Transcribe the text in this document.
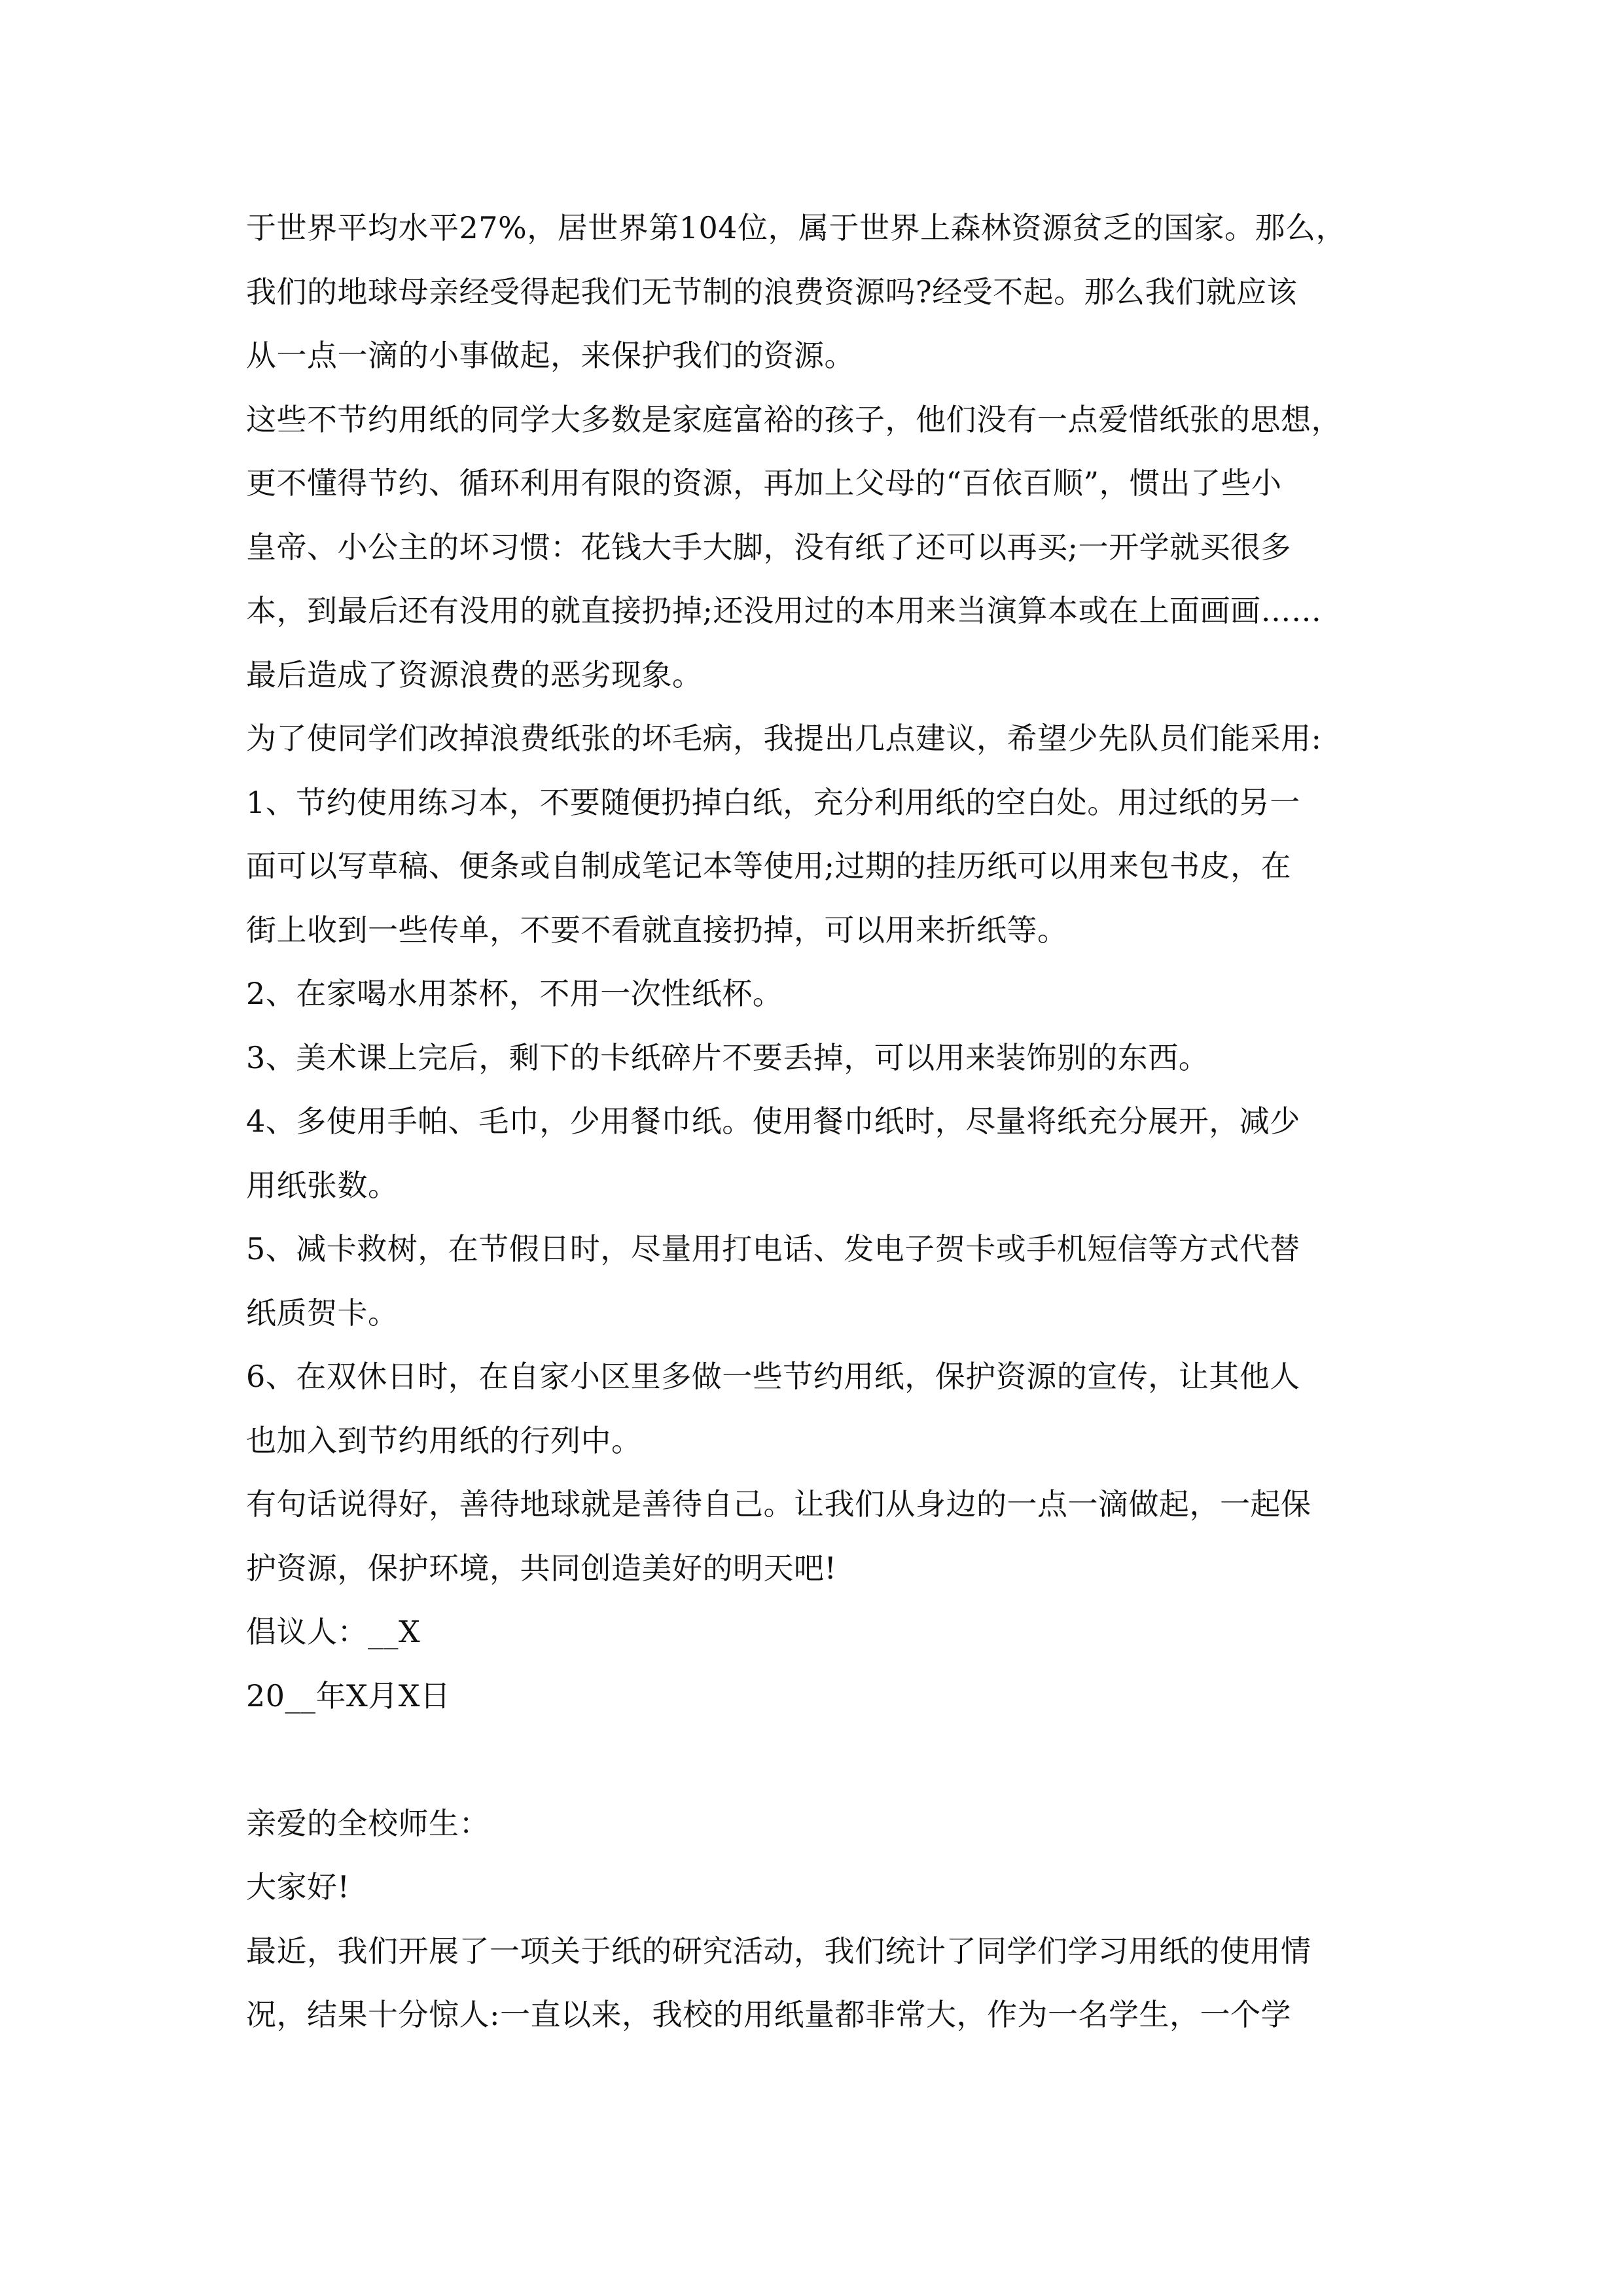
于世界平均水平27%，居世界第104位，属于世界上森林资源贫乏的国家。那么，
我们的地球母亲经受得起我们无节制的浪费资源吗?经受不起。那么我们就应该
从一点一滴的小事做起，来保护我们的资源。
这些不节约用纸的同学大多数是家庭富裕的孩子，他们没有一点爱惜纸张的思想，
更不懂得节约、循环利用有限的资源，再加上父母的“百依百顺”，惯出了些小
皇帝、小公主的坏习惯：花钱大手大脚，没有纸了还可以再买;一开学就买很多
本，到最后还有没用的就直接扔掉;还没用过的本用来当演算本或在上面画画……
最后造成了资源浪费的恶劣现象。
为了使同学们改掉浪费纸张的坏毛病，我提出几点建议，希望少先队员们能采用:
1、节约使用练习本，不要随便扔掉白纸，充分利用纸的空白处。用过纸的另一
面可以写草稿、便条或自制成笔记本等使用;过期的挂历纸可以用来包书皮，在
街上收到一些传单，不要不看就直接扔掉，可以用来折纸等。
2、在家喝水用茶杯，不用一次性纸杯。
3、美术课上完后，剩下的卡纸碎片不要丢掉，可以用来装饰别的东西。
4、多使用手帕、毛巾，少用餐巾纸。使用餐巾纸时，尽量将纸充分展开，减少
用纸张数。
5、减卡救树，在节假日时，尽量用打电话、发电子贺卡或手机短信等方式代替
纸质贺卡。
6、在双休日时，在自家小区里多做一些节约用纸，保护资源的宣传，让其他人
也加入到节约用纸的行列中。
有句话说得好，善待地球就是善待自己。让我们从身边的一点一滴做起，一起保
护资源，保护环境，共同创造美好的明天吧!
倡议人：__X
20__年X月X日
亲爱的全校师生：
大家好!
最近，我们开展了一项关于纸的研究活动，我们统计了同学们学习用纸的使用情
况，结果十分惊人:一直以来，我校的用纸量都非常大，作为一名学生，一个学
